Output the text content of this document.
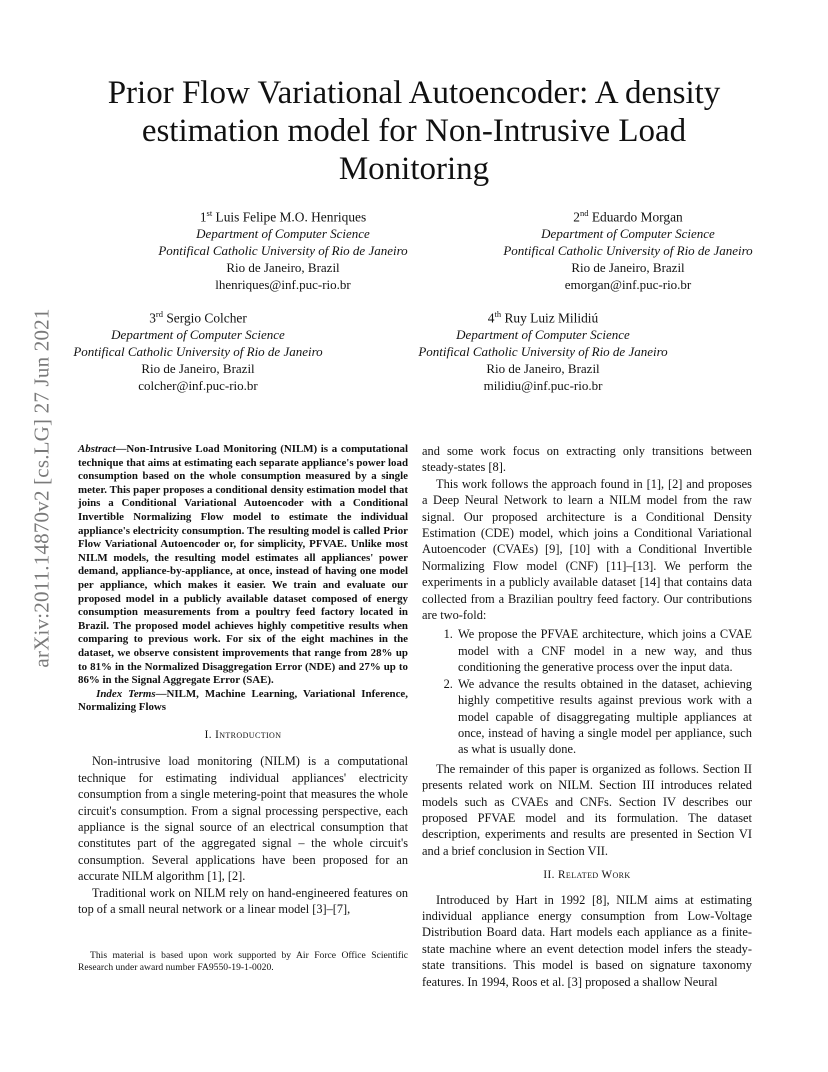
arXiv:2011.14870v2 [cs.LG] 27 Jun 2021
Prior Flow Variational Autoencoder: A density estimation model for Non-Intrusive Load Monitoring
1st Luis Felipe M.O. Henriques
Department of Computer Science
Pontifical Catholic University of Rio de Janeiro
Rio de Janeiro, Brazil
lhenriques@inf.puc-rio.br
2nd Eduardo Morgan
Department of Computer Science
Pontifical Catholic University of Rio de Janeiro
Rio de Janeiro, Brazil
emorgan@inf.puc-rio.br
3rd Sergio Colcher
Department of Computer Science
Pontifical Catholic University of Rio de Janeiro
Rio de Janeiro, Brazil
colcher@inf.puc-rio.br
4th Ruy Luiz Milidiú
Department of Computer Science
Pontifical Catholic University of Rio de Janeiro
Rio de Janeiro, Brazil
milidiu@inf.puc-rio.br
Abstract—Non-Intrusive Load Monitoring (NILM) is a computational technique that aims at estimating each separate appliance's power load consumption based on the whole consumption measured by a single meter. This paper proposes a conditional density estimation model that joins a Conditional Variational Autoencoder with a Conditional Invertible Normalizing Flow model to estimate the individual appliance's electricity consumption. The resulting model is called Prior Flow Variational Autoencoder or, for simplicity, PFVAE. Unlike most NILM models, the resulting model estimates all appliances' power demand, appliance-by-appliance, at once, instead of having one model per appliance, which makes it easier. We train and evaluate our proposed model in a publicly available dataset composed of energy consumption measurements from a poultry feed factory located in Brazil. The proposed model achieves highly competitive results when comparing to previous work. For six of the eight machines in the dataset, we observe consistent improvements that range from 28% up to 81% in the Normalized Disaggregation Error (NDE) and 27% up to 86% in the Signal Aggregate Error (SAE).
Index Terms—NILM, Machine Learning, Variational Inference, Normalizing Flows
I. Introduction

Non-intrusive load monitoring (NILM) is a computational technique for estimating individual appliances' electricity consumption from a single metering-point that measures the whole circuit's consumption. From a signal processing perspective, each appliance is the signal source of an electrical consumption that constitutes part of the aggregated signal – the whole circuit's consumption. Several applications have been proposed for an accurate NILM algorithm [1], [2].

Traditional work on NILM rely on hand-engineered features on top of a small neural network or a linear model [3]–[7],

and some work focus on extracting only transitions between steady-states [8].

This work follows the approach found in [1], [2] and proposes a Deep Neural Network to learn a NILM model from the raw signal. Our proposed architecture is a Conditional Density Estimation (CDE) model, which joins a Conditional Variational Autoencoder (CVAEs) [9], [10] with a Conditional Invertible Normalizing Flow model (CNF) [11]–[13]. We perform the experiments in a publicly available dataset [14] that contains data collected from a Brazilian poultry feed factory. Our contributions are two-fold:

1. We propose the PFVAE architecture, which joins a CVAE model with a CNF model in a new way, and thus conditioning the generative process over the input data.
2. We advance the results obtained in the dataset, achieving highly competitive results against previous work with a model capable of disaggregating multiple appliances at once, instead of having a single model per appliance, such as what is usually done.

The remainder of this paper is organized as follows. Section II presents related work on NILM. Section III introduces related models such as CVAEs and CNFs. Section IV describes our proposed PFVAE model and its formulation. The dataset description, experiments and results are presented in Section VI and a brief conclusion in Section VII.

II. Related Work

Introduced by Hart in 1992 [8], NILM aims at estimating individual appliance energy consumption from Low-Voltage Distribution Board data. Hart models each appliance as a finite-state machine where an event detection model infers the steady-state transitions. This model is based on signature taxonomy features. In 1994, Roos et al. [3] proposed a shallow Neural

This material is based upon work supported by Air Force Office Scientific Research under award number FA9550-19-1-0020.
